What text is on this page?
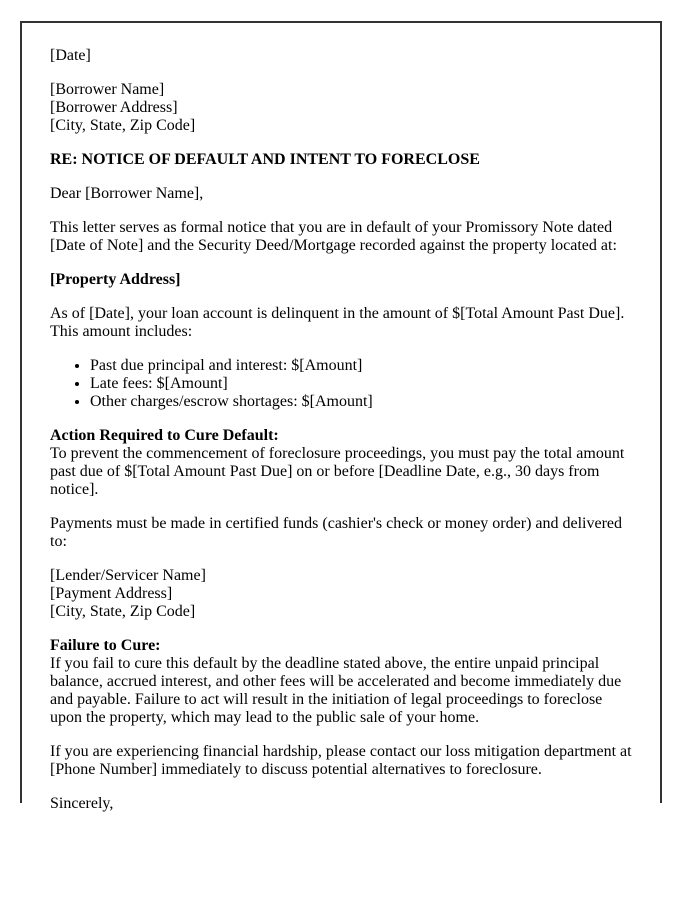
[Date]

[Borrower Name]
[Borrower Address]
[City, State, Zip Code]

RE: NOTICE OF DEFAULT AND INTENT TO FORECLOSE

Dear [Borrower Name],

This letter serves as formal notice that you are in default of your Promissory Note dated [Date of Note] and the Security Deed/Mortgage recorded against the property located at:

[Property Address]

As of [Date], your loan account is delinquent in the amount of $[Total Amount Past Due]. This amount includes:

• Past due principal and interest: $[Amount]
• Late fees: $[Amount]
• Other charges/escrow shortages: $[Amount]
Action Required to Cure Default:
To prevent the commencement of foreclosure proceedings, you must pay the total amount past due of $[Total Amount Past Due] on or before [Deadline Date, e.g., 30 days from notice].

Payments must be made in certified funds (cashier's check or money order) and delivered to:

[Lender/Servicer Name]
[Payment Address]
[City, State, Zip Code]
Failure to Cure:
If you fail to cure this default by the deadline stated above, the entire unpaid principal balance, accrued interest, and other fees will be accelerated and become immediately due and payable. Failure to act will result in the initiation of legal proceedings to foreclose upon the property, which may lead to the public sale of your home.

If you are experiencing financial hardship, please contact our loss mitigation department at [Phone Number] immediately to discuss potential alternatives to foreclosure.

Sincerely,
